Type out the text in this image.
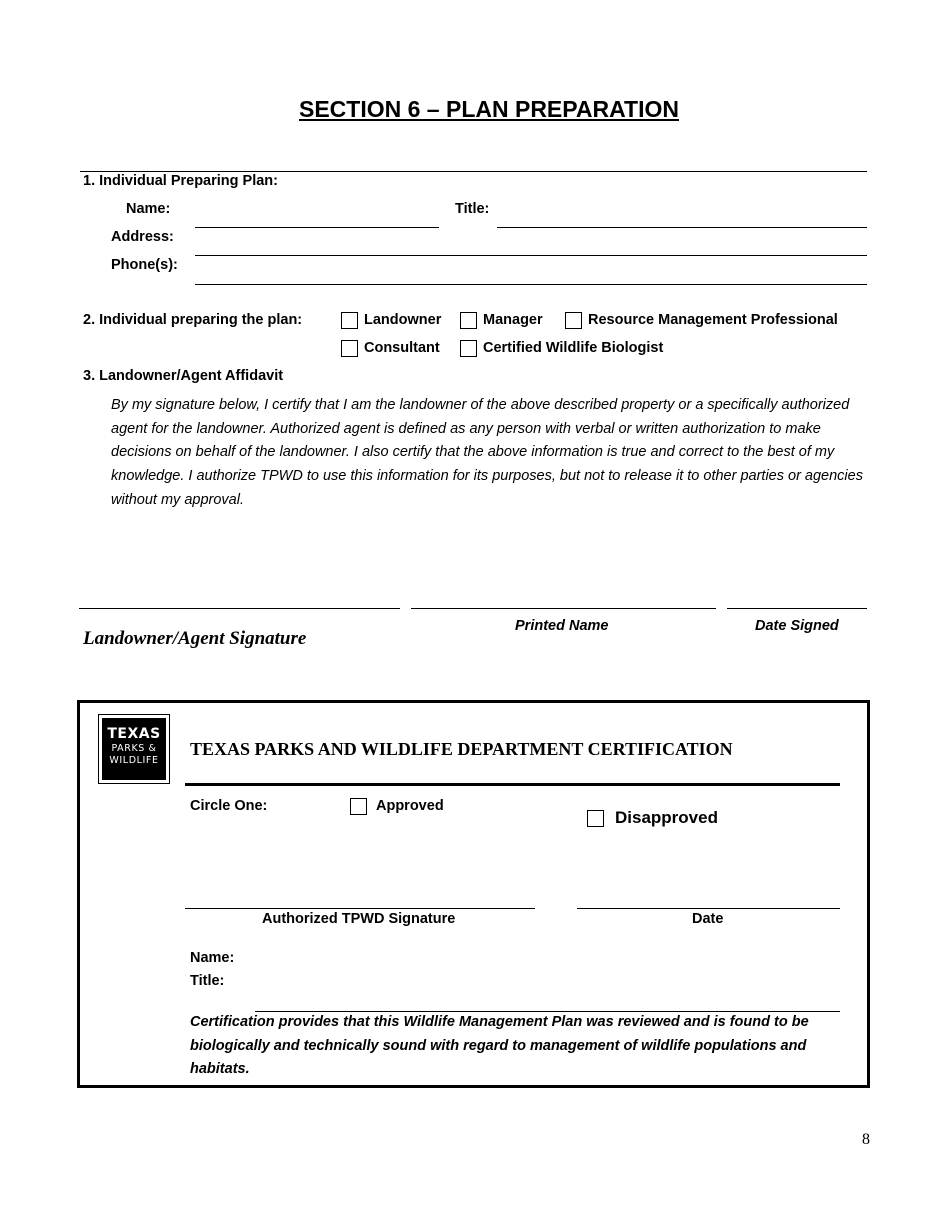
SECTION 6 – PLAN PREPARATION
1. Individual Preparing Plan:
Name:	Title:
Address:
Phone(s):
2. Individual preparing the plan:	Landowner	Manager	Resource Management Professional
Consultant	Certified Wildlife Biologist
3. Landowner/Agent Affidavit
By my signature below, I certify that I am the landowner of the above described property or a specifically authorized agent for the landowner. Authorized agent is defined as any person with verbal or written authorization to make decisions on behalf of the landowner. I also certify that the above information is true and correct to the best of my knowledge. I authorize TPWD to use this information for its purposes, but not to release it to other parties or agencies without my approval.
Landowner/Agent Signature
Printed Name	Date Signed
TEXAS
PARKS &
WILDLIFE
TEXAS PARKS AND WILDLIFE DEPARTMENT CERTIFICATION
Circle One:	Approved
Disapproved
Authorized TPWD Signature	Date
Name:
Title:
Certification provides that this Wildlife Management Plan was reviewed and is found to be biologically and technically sound with regard to management of wildlife populations and habitats.
8
